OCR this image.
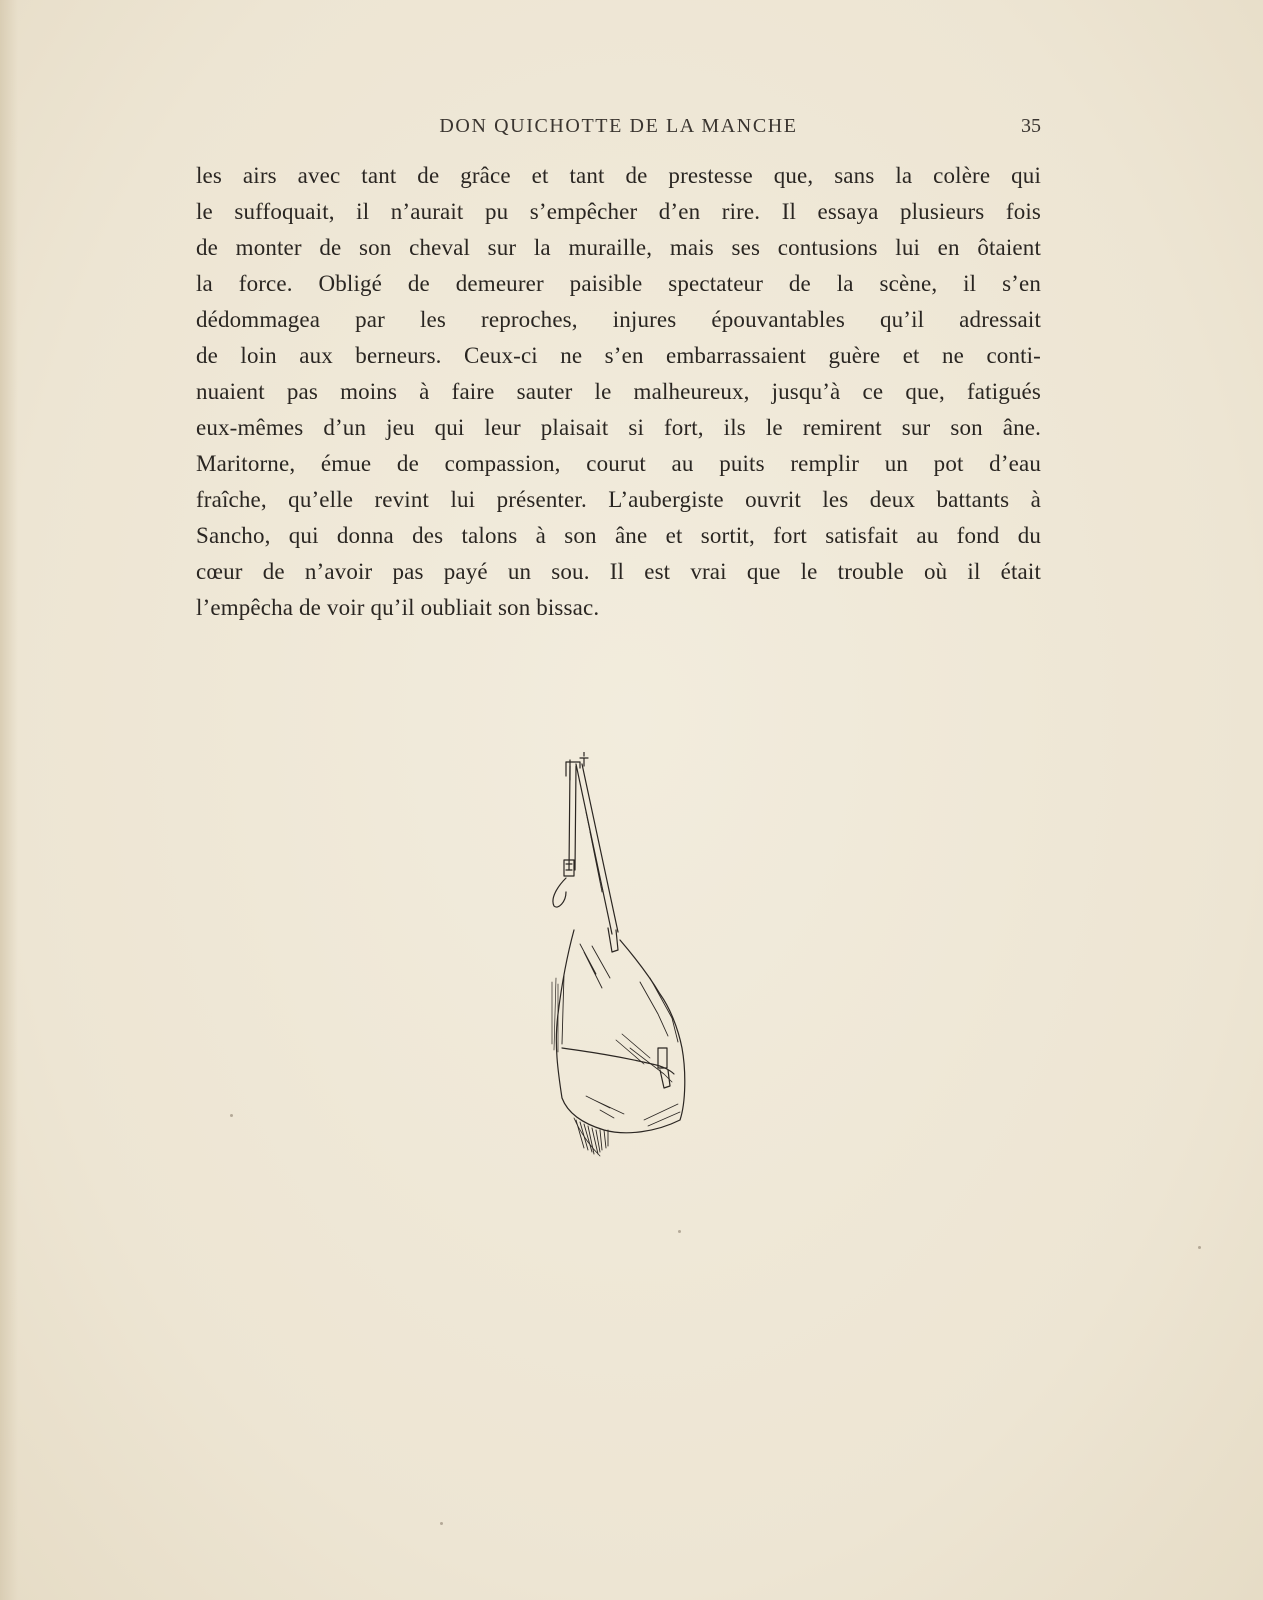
DON QUICHOTTE DE LA MANCHE	35
les airs avec tant de grâce et tant de prestesse que, sans la colère qui
le suffoquait, il n’aurait pu s’empêcher d’en rire. Il essaya plusieurs fois
de monter de son cheval sur la muraille, mais ses contusions lui en ôtaient
la force. Obligé de demeurer paisible spectateur de la scène, il s’en
dédommagea par les reproches, injures épouvantables qu’il adressait
de loin aux berneurs. Ceux-ci ne s’en embarrassaient guère et ne conti-
nuaient pas moins à faire sauter le malheureux, jusqu’à ce que, fatigués
eux-mêmes d’un jeu qui leur plaisait si fort, ils le remirent sur son âne.
Maritorne, émue de compassion, courut au puits remplir un pot d’eau
fraîche, qu’elle revint lui présenter. L’aubergiste ouvrit les deux battants à
Sancho, qui donna des talons à son âne et sortit, fort satisfait au fond du
cœur de n’avoir pas payé un sou. Il est vrai que le trouble où il était
l’empêcha de voir qu’il oubliait son bissac.
